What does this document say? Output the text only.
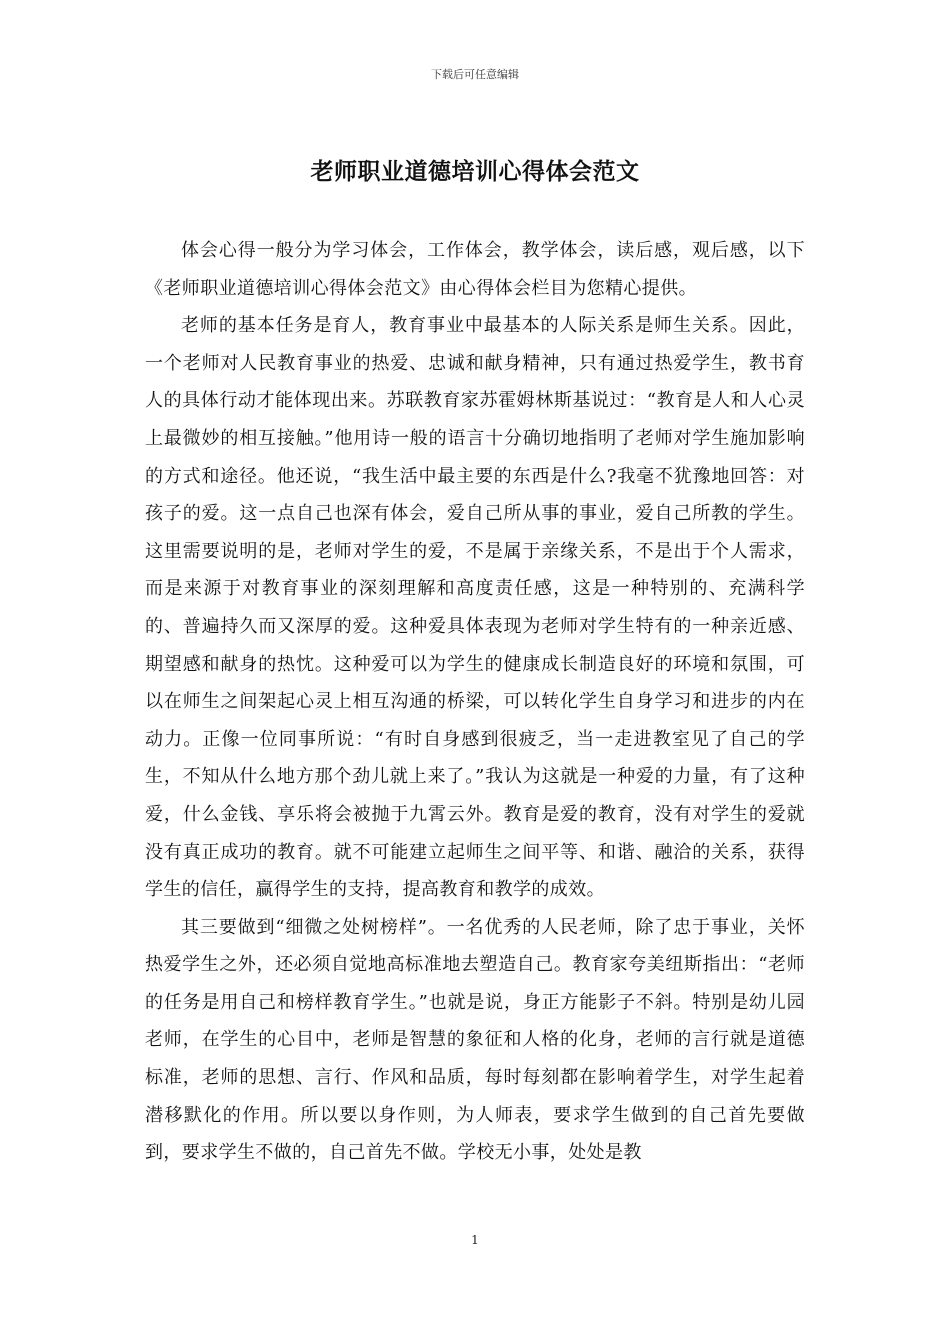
下载后可任意编辑
老师职业道德培训心得体会范文

体会心得一般分为学习体会，工作体会，教学体会，读后感，观后感，以下《老师职业道德培训心得体会范文》由心得体会栏目为您精心提供。

老师的基本任务是育人，教育事业中最基本的人际关系是师生关系。因此，一个老师对人民教育事业的热爱、忠诚和献身精神，只有通过热爱学生，教书育人的具体行动才能体现出来。苏联教育家苏霍姆林斯基说过：“教育是人和人心灵上最微妙的相互接触。”他用诗一般的语言十分确切地指明了老师对学生施加影响的方式和途径。他还说，“我生活中最主要的东西是什么?我毫不犹豫地回答：对孩子的爱。这一点自己也深有体会，爱自己所从事的事业，爱自己所教的学生。这里需要说明的是，老师对学生的爱，不是属于亲缘关系，不是出于个人需求，而是来源于对教育事业的深刻理解和高度责任感，这是一种特别的、充满科学的、普遍持久而又深厚的爱。这种爱具体表现为老师对学生特有的一种亲近感、期望感和献身的热忱。这种爱可以为学生的健康成长制造良好的环境和氛围，可以在师生之间架起心灵上相互沟通的桥梁，可以转化学生自身学习和进步的内在动力。正像一位同事所说：“有时自身感到很疲乏，当一走进教室见了自己的学生，不知从什么地方那个劲儿就上来了。”我认为这就是一种爱的力量，有了这种爱，什么金钱、享乐将会被抛于九霄云外。教育是爱的教育，没有对学生的爱就没有真正成功的教育。就不可能建立起师生之间平等、和谐、融洽的关系，获得学生的信任，赢得学生的支持，提高教育和教学的成效。

其三要做到“细微之处树榜样”。一名优秀的人民老师，除了忠于事业，关怀热爱学生之外，还必须自觉地高标准地去塑造自己。教育家夸美纽斯指出：“老师的任务是用自己和榜样教育学生。”也就是说，身正方能影子不斜。特别是幼儿园老师，在学生的心目中，老师是智慧的象征和人格的化身，老师的言行就是道德标准，老师的思想、言行、作风和品质，每时每刻都在影响着学生，对学生起着潜移默化的作用。所以要以身作则，为人师表，要求学生做到的自己首先要做到，要求学生不做的，自己首先不做。学校无小事，处处是教

1
